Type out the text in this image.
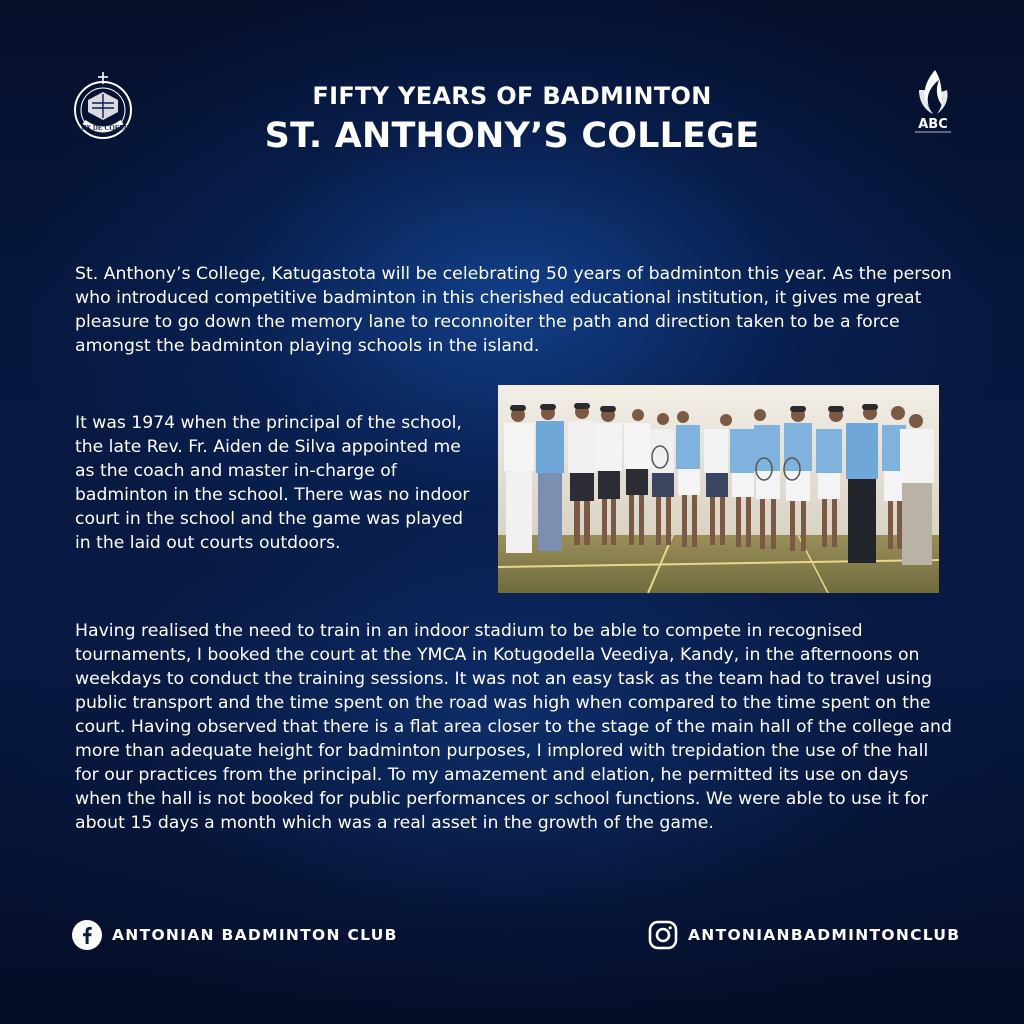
LUX DE COELO	ABC
FIFTY YEARS OF BADMINTON
ST. ANTHONY’S COLLEGE

St. Anthony’s College, Katugastota will be celebrating 50 years of badminton this year. As the person who introduced competitive badminton in this cherished educational institution, it gives me great pleasure to go down the memory lane to reconnoiter the path and direction taken to be a force amongst the badminton playing schools in the island.

It was 1974 when the principal of the school, the late Rev. Fr. Aiden de Silva appointed me as the coach and master in-charge of badminton in the school. There was no indoor court in the school and the game was played in the laid out courts outdoors.

Having realised the need to train in an indoor stadium to be able to compete in recognised tournaments, I booked the court at the YMCA in Kotugodella Veediya, Kandy, in the afternoons on weekdays to conduct the training sessions. It was not an easy task as the team had to travel using public transport and the time spent on the road was high when compared to the time spent on the court. Having observed that there is a flat area closer to the stage of the main hall of the college and more than adequate height for badminton purposes, I implored with trepidation the use of the hall for our practices from the principal. To my amazement and elation, he permitted its use on days when the hall is not booked for public performances or school functions. We were able to use it for about 15 days a month which was a real asset in the growth of the game.

ANTONIAN BADMINTON CLUB	ANTONIANBADMINTONCLUB
